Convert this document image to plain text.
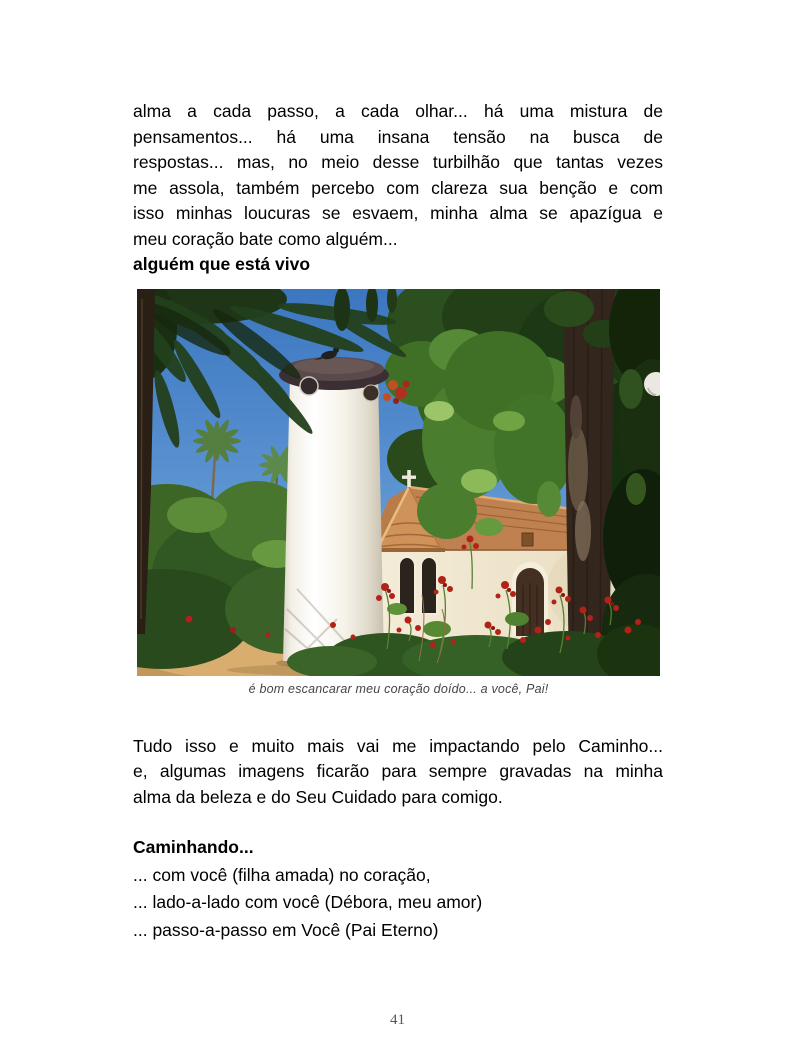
alma a cada passo, a cada olhar... há uma mistura de
pensamentos... há uma insana tensão na busca de
respostas... mas, no meio desse turbilhão que tantas vezes
me assola, também percebo com clareza sua benção e com
isso minhas loucuras se esvaem, minha alma se apazígua e
meu coração bate como alguém...
alguém que está vivo
é bom escancarar meu coração doído... a você, Pai!
Tudo isso e muito mais vai me impactando pelo Caminho...
e, algumas imagens ficarão para sempre gravadas na minha
alma da beleza e do Seu Cuidado para comigo.
Caminhando...
... com você (filha amada) no coração,
... lado-a-lado com você (Débora, meu amor)
... passo-a-passo em Você (Pai Eterno)
41
